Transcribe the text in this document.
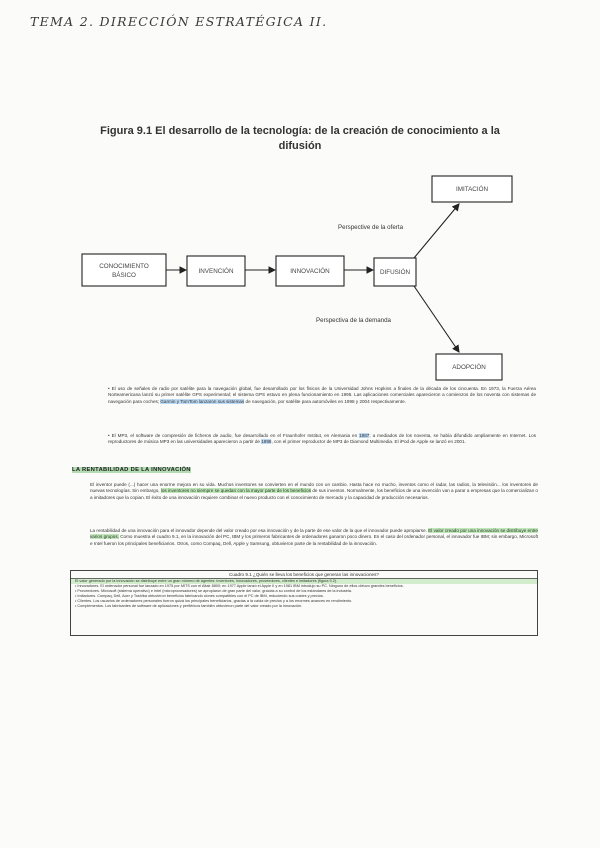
TEMA 2. DIRECCIÓN ESTRATÉGICA II.
Figura 9.1 El desarrollo de la tecnología: de la creación de conocimiento a la difusión
CONOCIMIENTO
BÁSICO
INVENCIÓN	INNOVACIÓN	DIFUSIÓN
IMITACIÓN
ADOPCIÓN
Perspective de la oferta
Perspectiva de la demanda
• El uso de señales de radio por satélite para la navegación global, fue desarrollado por los físicos de la Universidad Johns Hopkins a finales de la década de los cincuenta. En 1973, la Fuerza Aérea Norteamericana lanzó su primer satélite GPS experimental; el sistema GPS estuvo en plena funcionamiento en 1995. Las aplicaciones comerciales aparecieron a comienzos de los noventa con sistemas de navegación para coches; Garmin y TomTom lanzaron sus sistemas de navegación, por satélite para automóviles en 1998 y 2004 respectivamente.
• El MP3, el software de compresión de ficheros de audio, fue desarrollado en el Fraunhofer Institut, en Alemania en 1987; a mediados de los noventa, se había difundido ampliamente en Internet. Los reproductores de música MP3 en las universidades aparecieron a partir de 1998, con el primer reproductor de MP3 de Diamond Multimedia. El iPod de Apple se lanzó en 2001.
LA RENTABILIDAD DE LA INNOVACIÓN
El inventor puede (...) hacer una enorme mejora en su vida. Muchos inventores se convierten en el mundo con un cambio. Hasta hace no mucho, inventos como el radar, las radios, la televisión... los inventores de nuevas tecnologías. Sin embargo, los inventores no siempre se quedan con la mayor parte de los beneficios de sus inventos. Normalmente, los beneficios de una invención van a parar a empresas que la comercializan o a imitadores que la copian. El éxito de una innovación requiere combinar el nuevo producto con el conocimiento de mercado y la capacidad de producción necesarios.
La rentabilidad de una innovación para el innovador depende del valor creado por esa innovación y de la parte de ese valor de la que el innovador puede apropiarse. El valor creado por una innovación se distribuye entre varios grupos. Como muestra el cuadro 9.1, en la innovación del PC, IBM y los primeros fabricantes de ordenadores ganaron poco dinero. En el caso del ordenador personal, el innovador fue IBM; sin embargo, Microsoft e Intel fueron los principales beneficiarios. Otros, como Compaq, Dell, Apple y Samsung, obtuvieron parte de la rentabilidad de la innovación.
Cuadro 9.1 ¿Quién se lleva los beneficios que generan las innovaciones?
El valor generado por la innovación se distribuye entre un gran número de agentes: inventores, innovadores, proveedores, clientes e imitadores (figura 9.2).
• Innovadores. El ordenador personal fue lanzado en 1975 por MITS con el Altair 8800; en 1977 Apple lanzó el Apple II y en 1981 IBM introdujo su PC. Ninguno de ellos obtuvo grandes beneficios.
• Proveedores. Microsoft (sistema operativo) e Intel (microprocesadores) se apropiaron de gran parte del valor, gracias a su control de los estándares de la industria.
• Imitadores. Compaq, Dell, Acer y Toshiba obtuvieron beneficios fabricando clones compatibles con el PC de IBM, reduciendo sus costes y precios.
• Clientes. Los usuarios de ordenadores personales fueron quizá los principales beneficiarios, gracias a la caída de precios y a los enormes avances en rendimiento.
• Complementos. Los fabricantes de software de aplicaciones y periféricos también obtuvieron parte del valor creado por la innovación.
